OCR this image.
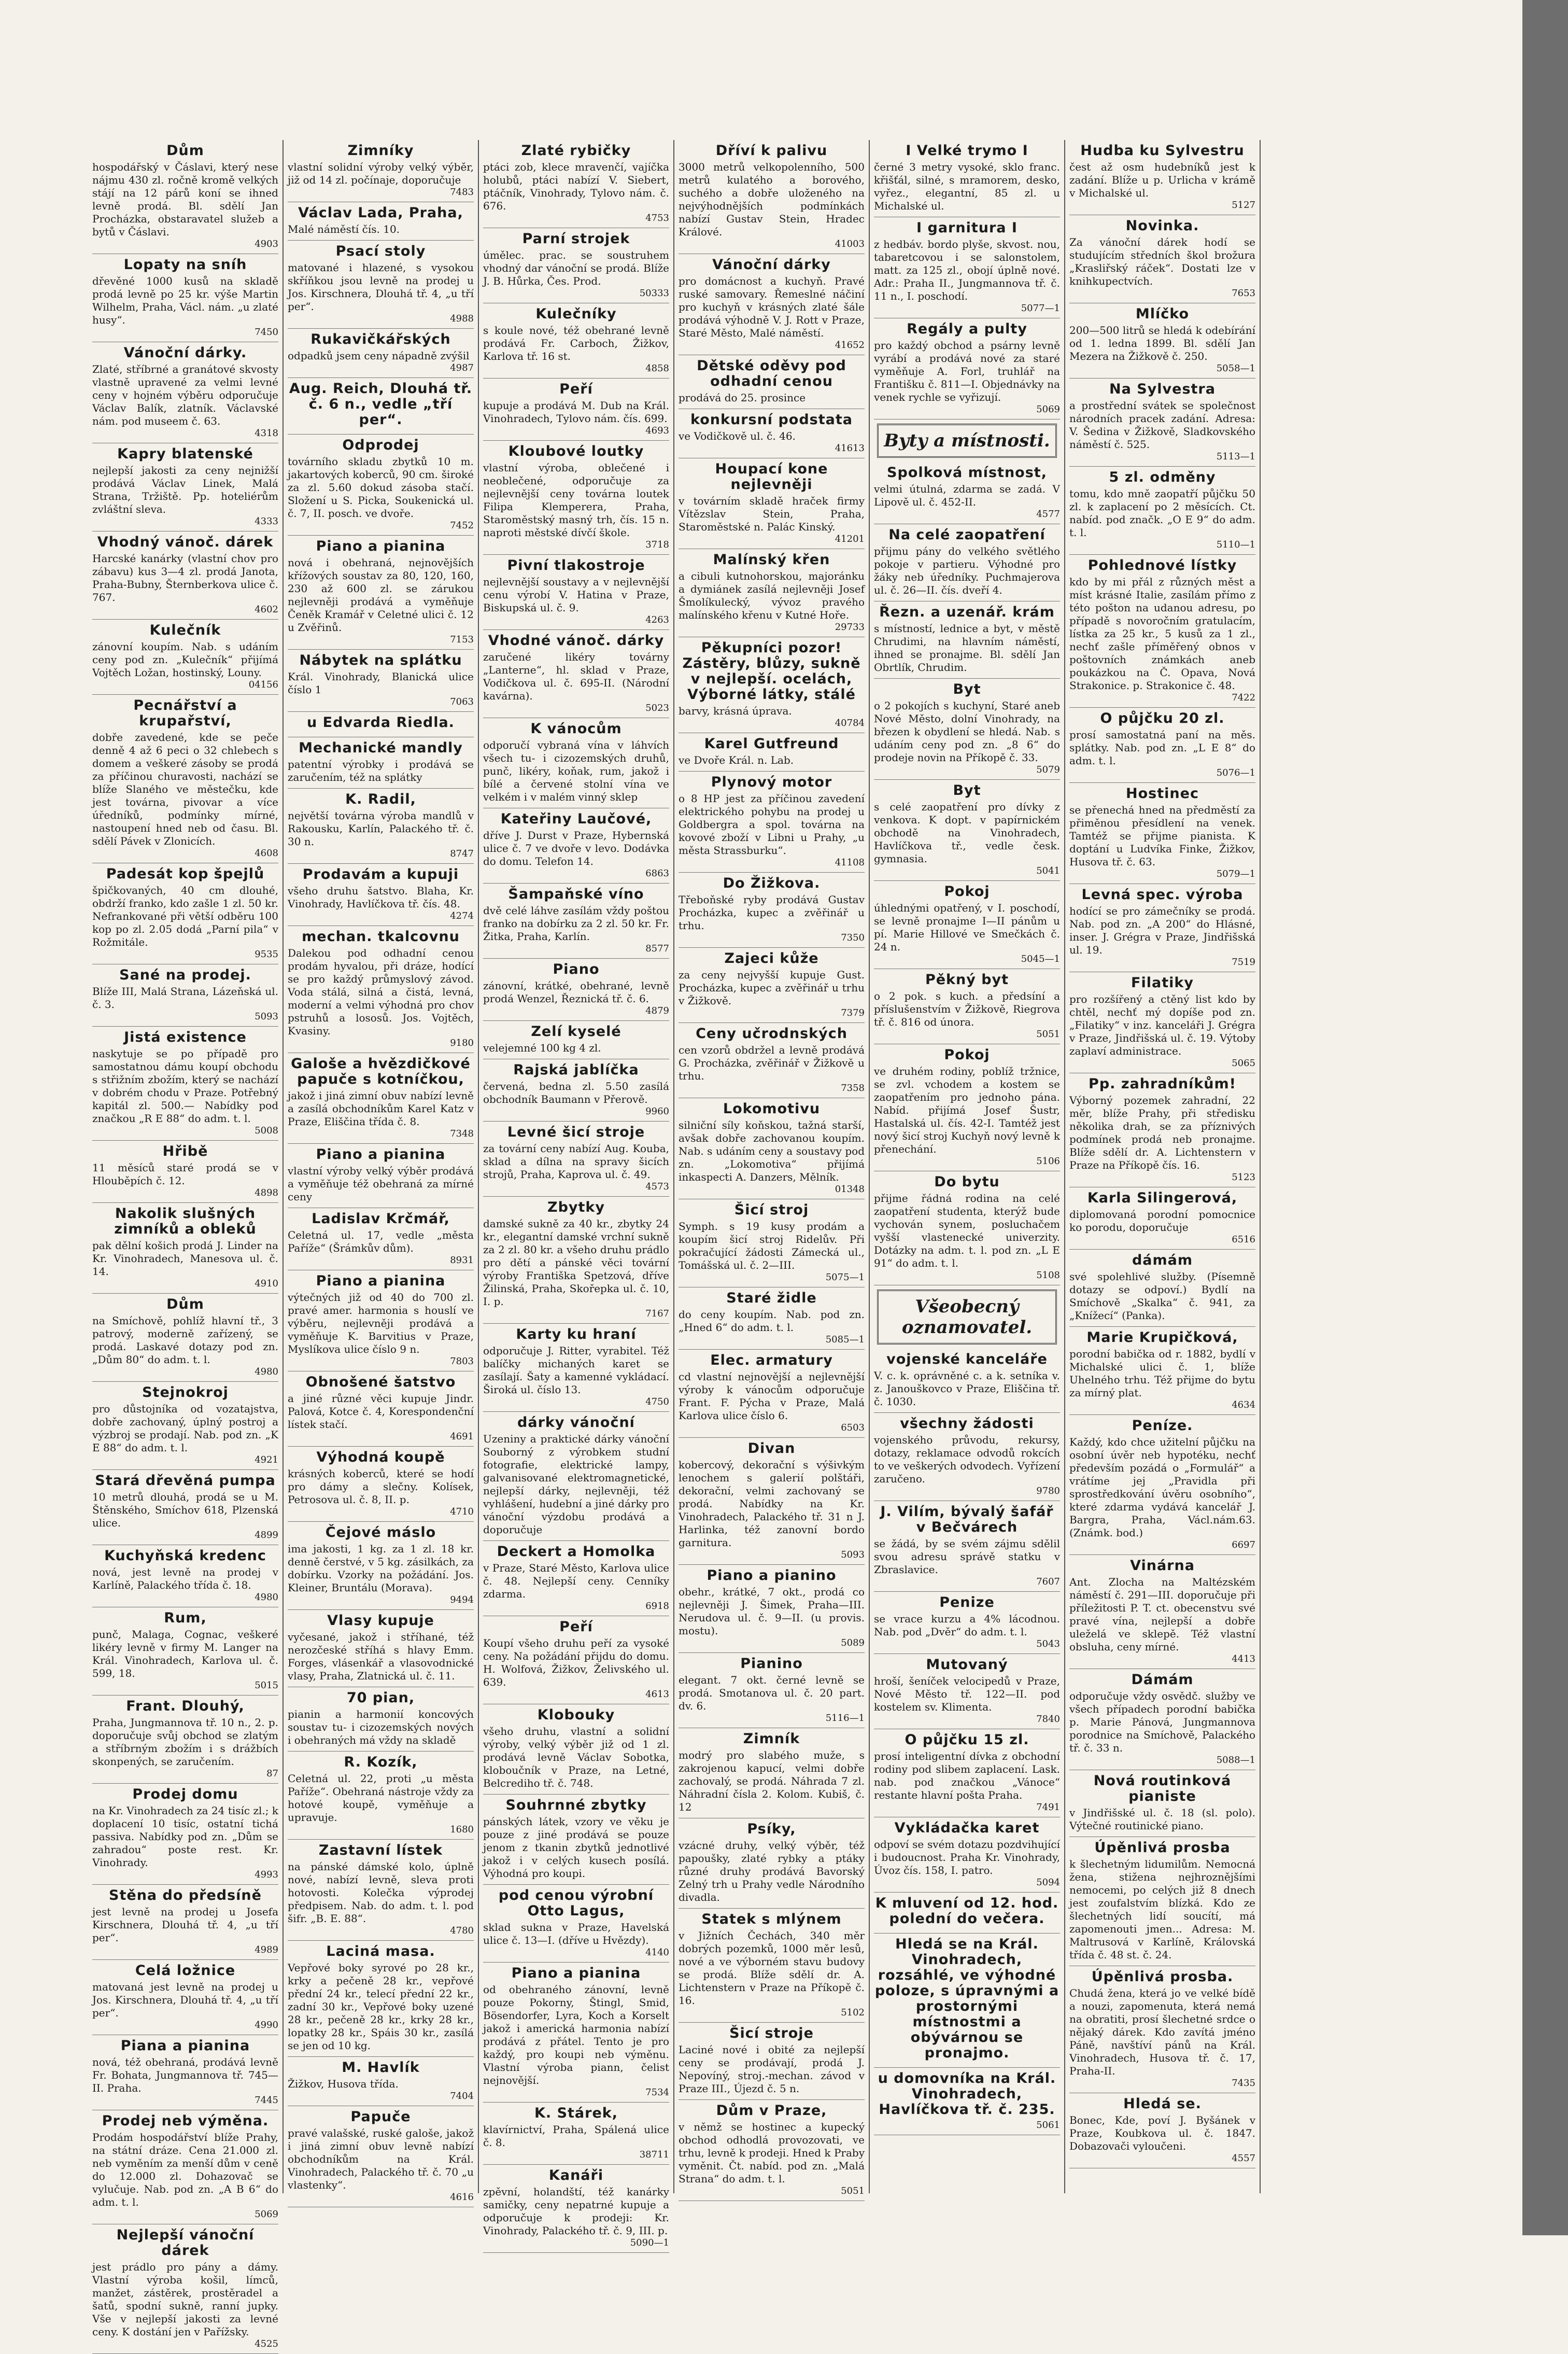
Dům

hospodářský v Čáslavi, který nese nájmu 430 zl. ročně kromě velkých stájí na 12 párů koní se ihned levně prodá. Bl. sdělí Jan Procházka, obstaravatel služeb a bytů v Čáslavi.

4903
Lopaty na sníh

dřevěné 1000 kusů na skladě prodá levně po 25 kr. výše Martin Wilhelm, Praha, Václ. nám. „u zlaté husy“.

7450
Vánoční dárky.

Zlaté, stříbrné a granátové skvosty vlastně upravené za velmi levné ceny v hojném výběru odporučuje Václav Balík, zlatník. Václavské nám. pod museem č. 63.

4318
Kapry blatenské

nejlepší jakosti za ceny nejnižší prodává Václav Linek, Malá Strana, Tržiště. Pp. hoteliérům zvláštní sleva.

4333
Vhodný vánoč. dárek

Harcské kanárky (vlastní chov pro zábavu) kus 3—4 zl. prodá Janota, Praha-Bubny, Šternberkova ulice č. 767.

4602
Kulečník

zánovní koupím. Nab. s udáním ceny pod zn. „Kulečník“ přijímá Vojtěch Ložan, hostinský, Louny.

04156
Pecnářství a krupařství,

dobře zavedené, kde se peče denně 4 až 6 peci o 32 chlebech s domem a veškeré zásoby se prodá za příčinou churavosti, nachází se blíže Slaného ve městečku, kde jest továrna, pivovar a více úředníků, podmínky mírné, nastoupení hned neb od času. Bl. sdělí Pávek v Zlonicích.

4608
Padesát kop špejlů

špičkovaných, 40 cm dlouhé, obdrží franko, kdo zašle 1 zl. 50 kr. Nefrankované při větší odběru 100 kop po zl. 2.05 dodá „Parní pila“ v Rožmitále.

9535
Sané na prodej.

Blíže III, Malá Strana, Lázeňská ul. č. 3.

5093
Jistá existence

naskytuje se po případě pro samostatnou dámu koupí obchodu s střižním zbožím, který se nachází v dobrém chodu v Praze. Potřebný kapitál zl. 500.— Nabídky pod značkou „R E 88“ do adm. t. l.

5008
Hřibě

11 měsíců staré prodá se v Hlouběpích č. 12.

4898
Nakolik slušných zimníků a obleků

pak dělní košich prodá J. Linder na Kr. Vinohradech, Manesova ul. č. 14.

4910
Dům

na Smíchově, pohlíž hlavní tř., 3 patrový, moderně zařízený, se prodá. Laskavé dotazy pod zn. „Dům 80“ do adm. t. l.

4980
Stejnokroj

pro důstojníka od vozatajstva, dobře zachovaný, úplný postroj a výzbroj se prodají. Nab. pod zn. „K E 88“ do adm. t. l.

4921
Stará dřevěná pumpa

10 metrů dlouhá, prodá se u M. Štěnského, Smíchov 618, Plzenská ulice.

4899
Kuchyňská kredenc

nová, jest levně na prodej v Karlíně, Palackého třída č. 18.

4980
Rum,

punč, Malaga, Cognac, veškeré likéry levně v firmy M. Langer na Král. Vinohradech, Karlova ul. č. 599, 18.

5015
Frant. Dlouhý,

Praha, Jungmannova tř. 10 n., 2. p. doporučuje svůj obchod se zlatým a stříbrným zbožím i s drážbích skonpených, se zaručením.

87
Prodej domu

na Kr. Vinohradech za 24 tisíc zl.; k doplacení 10 tisíc, ostatní tichá passiva. Nabídky pod zn. „Dům se zahradou“ poste rest. Kr. Vinohrady.

4993
Stěna do předsíně

jest levně na prodej u Josefa Kirschnera, Dlouhá tř. 4, „u tří per“.

4989
Celá ložnice

matovaná jest levně na prodej u Jos. Kirschnera, Dlouhá tř. 4, „u tří per“.

4990
Piana a pianina

nová, též obehraná, prodává levně Fr. Bohata, Jungmannova tř. 745—II. Praha.

7445
Prodej neb výměna.

Prodám hospodářství blíže Prahy, na státní dráze. Cena 21.000 zl. neb vyměním za menší dům v ceně do 12.000 zl. Dohazovač se vylučuje. Nab. pod zn. „A B 6“ do adm. t. l.

5069
Nejlepší vánoční dárek

jest prádlo pro pány a dámy. Vlastní výroba košil, límců, manžet, zástěrek, prostěradel a šatů, spodní sukně, ranní jupky. Vše v nejlepší jakosti za levné ceny. K dostání jen v Pařížsky.

4525
Zimníky

vlastní solidní výroby velký výběr, již od 14 zl. počínaje, doporučuje

7483
Václav Lada, Praha,

Malé náměstí čís. 10.

Psací stoly

matované i hlazené, s vysokou skříňkou jsou levně na prodej u Jos. Kirschnera, Dlouhá tř. 4, „u tří per“.

4988
Rukavičkářských

odpadků jsem ceny nápadně zvýšil

4987
Aug. Reich, Dlouhá tř. č. 6 n., vedle „tří per“.
Odprodej

továrního skladu zbytků 10 m. jakartových koberců, 90 cm. široké za zl. 5.60 dokud zásoba stačí. Složení u S. Picka, Soukenická ul. č. 7, II. posch. ve dvoře.

7452
Piano a pianina

nová i obehraná, nejnovějších křížových soustav za 80, 120, 160, 230 až 600 zl. se zárukou nejlevněji prodává a vyměňuje Čeněk Kramář v Celetné ulici č. 12 u Zvěřinů.

7153
Nábytek na splátku

Král. Vinohrady, Blanická ulice číslo 1

7063
u Edvarda Riedla.
Mechanické mandly

patentní výrobky i prodává se zaručením, též na splátky

K. Radil,

největší továrna výroba mandlů v Rakousku, Karlín, Palackého tř. č. 30 n.

8747
Prodavám a kupuji

všeho druhu šatstvo. Blaha, Kr. Vinohrady, Havlíčkova tř. čís. 48.

4274
mechan. tkalcovnu

Dalekou pod odhadní cenou prodám hyvalou, při dráze, hodící se pro každý průmyslový závod. Voda stálá, silná a čistá, levná, moderní a velmi výhodná pro chov pstruhů a lososů. Jos. Vojtěch, Kvasiny.

9180
Galoše a hvězdičkové papuče s kotníčkou,

jakož i jiná zimní obuv nabízí levně a zasílá obchodníkům Karel Katz v Praze, Eliščina třída č. 8.

7348
Piano a pianina

vlastní výroby velký výběr prodává a vyměňuje též obehraná za mírné ceny

Ladislav Krčmář,

Celetná ul. 17, vedle „města Paříže“ (Šrámkův dům).

8931
Piano a pianina

výtečných již od 40 do 700 zl. pravé amer. harmonia s houslí ve výběru, nejlevněji prodává a vyměňuje K. Barvitius v Praze, Myslíkova ulice číslo 9 n.

7803
Obnošené šatstvo

a jiné různé věci kupuje Jindr. Palová, Kotce č. 4, Korespondenční lístek stačí.

4691
Výhodná koupě

krásných koberců, které se hodí pro dámy a slečny. Kolísek, Petrosova ul. č. 8, II. p.

4710
Čejové máslo

ima jakosti, 1 kg. za 1 zl. 18 kr. denně čerstvé, v 5 kg. zásilkách, za dobírku. Vzorky na požádání. Jos. Kleiner, Bruntálu (Morava).

9494
Vlasy kupuje

vyčesané, jakož i stříhané, též nerozčeské stříhá s hlavy Emm. Forges, vlásenkář a vlasovodnické vlasy, Praha, Zlatnická ul. č. 11.

70 pian,

pianin a harmonií koncových soustav tu- i cizozemských nových i obehraných má vždy na skladě

R. Kozík,

Celetná ul. 22, proti „u města Paříže“. Obehraná nástroje vždy za hotové koupě, vyměňuje a upravuje.

1680
Zastavní lístek

na pánské dámské kolo, úplně nové, nabízí levně, sleva proti hotovosti. Kolečka výprodej předpisem. Nab. do adm. t. l. pod šifr. „B. E. 88“.

4780
Laciná masa.

Vepřové boky syrové po 28 kr., krky a pečeně 28 kr., vepřové přední 24 kr., telecí přední 22 kr., zadní 30 kr., Vepřové boky uzené 28 kr., pečeně 28 kr., krky 28 kr., lopatky 28 kr., Spáis 30 kr., zasílá se jen od 10 kg.

M. Havlík

Žižkov, Husova třída.

7404
Papuče

pravé valašské, ruské galoše, jakož i jiná zimní obuv levně nabízí obchodníkům na Král. Vinohradech, Palackého tř. č. 70 „u vlastenky“.

4616
Zlaté rybičky

ptáci zob, klece mravenčí, vajíčka holubů, ptáci nabízí V. Siebert, ptáčník, Vinohrady, Tylovo nám. č. 676.

4753
Parní strojek

úmělec. prac. se soustruhem vhodný dar vánoční se prodá. Blíže J. B. Hůrka, Čes. Prod.

50333
Kulečníky

s koule nové, též obehrané levně prodává Fr. Carboch, Žižkov, Karlova tř. 16 st.

4858
Peří

kupuje a prodává M. Dub na Král. Vinohradech, Tylovo nám. čís. 699.

4693
Kloubové loutky

vlastní výroba, oblečené i neoblečené, odporučuje za nejlevnější ceny továrna loutek Filipa Klemperera, Praha, Staroměstský masný trh, čís. 15 n. naproti městské dívčí škole.

3718
Pivní tlakostroje

nejlevnější soustavy a v nejlevnější cenu výrobí V. Hatina v Praze, Biskupská ul. č. 9.

4263
Vhodné vánoč. dárky

zaručené likéry továrny „Lanterne“, hl. sklad v Praze, Vodičkova ul. č. 695-II. (Národní kavárna).

5023
K vánocům

odporučí vybraná vína v láhvích všech tu- i cizozemských druhů, punč, likéry, koňak, rum, jakož i bílé a červené stolní vína ve velkém i v malém vinný sklep

Kateřiny Laučové,

dříve J. Durst v Praze, Hybernská ulice č. 7 ve dvoře v levo. Dodávka do domu. Telefon 14.

6863
Šampaňské víno

dvě celé láhve zasílám vždy poštou franko na dobírku za 2 zl. 50 kr. Fr. Žitka, Praha, Karlín.

8577
Piano

zánovní, krátké, obehrané, levně prodá Wenzel, Řeznická tř. č. 6.

4879
Zelí kyselé

velejemné 100 kg 4 zl.

Rajská jablíčka

červená, bedna zl. 5.50 zasílá obchodník Baumann v Přerově.

9960
Levné šicí stroje

za tovární ceny nabízí Aug. Kouba, sklad a dílna na spravy šicích strojů, Praha, Kaprova ul. č. 49.

4573
Zbytky

damské sukně za 40 kr., zbytky 24 kr., elegantní damské vrchní sukně za 2 zl. 80 kr. a všeho druhu prádlo pro dětí a pánské věci tovární výroby Františka Spetzová, dříve Žilinská, Praha, Skořepka ul. č. 10, I. p.

7167
Karty ku hraní

odporučuje J. Ritter, vyrabitel. Též balíčky michaných karet se zasílají. Šaty a kamenné vykládací. Široká ul. číslo 13.

4750
dárky vánoční

Uzeniny a praktické dárky vánoční Souborný z výrobkem studní fotografie, elektrické lampy, galvanisované elektromagnetické, nejlepší dárky, nejlevněji, též vyhlášení, hudební a jiné dárky pro vánoční výzdobu prodává a doporučuje

Deckert a Homolka

v Praze, Staré Město, Karlova ulice č. 48. Nejlepší ceny. Cenníky zdarma.

6918
Peří

Koupí všeho druhu peří za vysoké ceny. Na požádání přijdu do domu. H. Wolfová, Žižkov, Želivského ul. 639.

4613
Klobouky

všeho druhu, vlastní a solidní výroby, velký výběr již od 1 zl. prodává levně Václav Sobotka, kloboučník v Praze, na Letné, Belcrediho tř. č. 748.

Souhrnné zbytky

pánských látek, vzory ve věku je pouze z jiné prodává se pouze jenom z tkanin zbytků jednotlivé jakož i v celých kusech posílá. Výhodná pro koupi.

pod cenou výrobní Otto Lagus,

sklad sukna v Praze, Havelská ulice č. 13—I. (dříve u Hvězdy).

4140
Piano a pianina

od obehraného zánovní, levně pouze Pokorny, Štingl, Smid, Bösendorfer, Lyra, Koch a Korselt jakož i americká harmonia nabízí prodává z přátel. Tento je pro každý, pro koupi neb výměnu. Vlastní výroba piann, čelist nejnovější.

7534
K. Stárek,

klavírnictví, Praha, Spálená ulice č. 8.

38711
Kanáři

zpěvní, holandští, též kanárky samičky, ceny nepatrné kupuje a odporučuje k prodeji: Kr. Vinohrady, Palackého tř. č. 9, III. p.

5090—1
Dříví k palivu

3000 metrů velkopolenního, 500 metrů kulatého a borového, suchého a dobře uloženého na nejvýhodnějších podmínkách nabízí Gustav Stein, Hradec Králové.

41003
Vánoční dárky

pro domácnost a kuchyň. Pravé ruské samovary. Řemeslné náčiní pro kuchyň v krásných zlaté šále prodává výhodně V. J. Rott v Praze, Staré Město, Malé náměstí.

41652
Dětské oděvy pod odhadní cenou

prodává do 25. prosince

konkursní podstata

ve Vodičkově ul. č. 46.

41613
Houpací kone nejlevněji

v továrním skladě hraček firmy Vítězslav Stein, Praha, Staroměstské n. Palác Kinský.

41201
Malínský křen

a cibuli kutnohorskou, majoránku a dymiánek zasílá nejlevněji Josef Šmolíkulecký, vývoz pravého malínského křenu v Kutné Hoře.

29733
Pěkupníci pozor! Zástěry, blůzy, sukně v nejlepší. ocelách, Výborné látky, stálé

barvy, krásná úprava.

40784
Karel Gutfreund

ve Dvoře Král. n. Lab.

Plynový motor

o 8 HP jest za příčinou zavedení elektrického pohybu na prodej u Goldbergra a spol. továrna na kovové zboží v Libni u Prahy, „u města Strassburku“.

41108
Do Žižkova.

Třeboňské ryby prodává Gustav Procházka, kupec a zvěřinář u trhu.

7350
Zajeci kůže

za ceny nejvyšší kupuje Gust. Procházka, kupec a zvěřinář u trhu v Žižkově.

7379
Ceny učrodnských

cen vzorů obdržel a levně prodává G. Procházka, zvěřinář v Žižkově u trhu.

7358
Lokomotivu

silniční síly koňskou, tažná starší, avšak dobře zachovanou koupím. Nab. s udáním ceny a soustavy pod zn. „Lokomotiva“ přijímá inkaspecti A. Danzers, Mělník.

01348
Šicí stroj

Symph. s 19 kusy prodám a koupím šicí stroj Ridelův. Při pokračující žádosti Zámecká ul., Tomášská ul. č. 2—III.

5075—1
Staré židle

do ceny koupím. Nab. pod zn. „Hned 6“ do adm. t. l.

5085—1
Elec. armatury

cd vlastní nejnovější a nejlevnější výroby k vánocům odporučuje Frant. F. Pýcha v Praze, Malá Karlova ulice číslo 6.

6503
Divan

kobercový, dekorační s výšivkým lenochem s galerií polštáři, dekorační, velmi zachovaný se prodá. Nabídky na Kr. Vinohradech, Palackého tř. 31 n J. Harlinka, též zanovní bordo garnitura.

5093
Piano a pianino

obehr., krátké, 7 okt., prodá co nejlevněji J. Šimek, Praha—III. Nerudova ul. č. 9—II. (u provis. mostu).

5089
Pianino

elegant. 7 okt. černé levně se prodá. Smotanova ul. č. 20 part. dv. 6.

5116—1
Zimník

modrý pro slabého muže, s zakrojenou kapucí, velmi dobře zachovalý, se prodá. Náhrada 7 zl. Náhradní čísla 2. Kolom. Kubiš, č. 12

Psíky,

vzácné druhy, velký výběr, též papoušky, zlaté rybky a ptáky různé druhy prodává Bavorský Zelný trh u Prahy vedle Národního divadla.

Statek s mlýnem

v Jižních Čechách, 340 měr dobrých pozemků, 1000 měr lesů, nové a ve výborném stavu budovy se prodá. Blíže sdělí dr. A. Lichtenstern v Praze na Příkopě č. 16.

5102
Šicí stroje

Laciné nové i obité za nejlepší ceny se prodávají, prodá J. Nepovíný, stroj.-mechan. závod v Praze III., Újezd č. 5 n.

Dům v Praze,

v němž se hostinec a kupecký obchod odhodlá provozovati, ve trhu, levně k prodeji. Hned k Praby vyměnit. Čt. nabíd. pod zn. „Malá Strana“ do adm. t. l.

5051
I Velké trymo I

černé 3 metry vysoké, sklo franc. křišťál, silné, s mramorem, desko, vyřez., elegantní, 85 zl. u Michalské ul.

I garnitura I

z hedbáv. bordo plyše, skvost. nou, tabaretcovou i se salonstolem, matt. za 125 zl., obojí úplně nové. Adr.: Praha II., Jungmannova tř. č. 11 n., I. poschodí.

5077—1
Regály a pulty

pro každý obchod a psárny levně vyrábí a prodává nové za staré vyměňuje A. Forl, truhlář na Františku č. 811—I. Objednávky na venek rychle se vyřizují.

5069
Byty a místnosti.
Spolková místnost,

velmi útulná, zdarma se zadá. V Lipově ul. č. 452-II.

4577
Na celé zaopatření

přijmu pány do velkého světlého pokoje v partieru. Výhodné pro žáky neb úředníky. Puchmajerova ul. č. 26—II. čís. dveří 4.

Řezn. a uzenář. krám

s místností, lednice a byt, v městě Chrudimi, na hlavním náměstí, ihned se pronajme. Bl. sdělí Jan Obrtlík, Chrudim.

Byt

o 2 pokojích s kuchyní, Staré aneb Nové Město, dolní Vinohrady, na březen k obydlení se hledá. Nab. s udáním ceny pod zn. „8 6“ do prodeje novin na Příkopě č. 33.

5079
Byt

s celé zaopatření pro dívky z venkova. K dopt. v papírnickém obchodě na Vinohradech, Havlíčkova tř., vedle česk. gymnasia.

5041
Pokoj

úhlednými opatřený, v I. poschodí, se levně pronajme I—II pánům u pí. Marie Hillové ve Smečkách č. 24 n.

5045—1
Pěkný byt

o 2 pok. s kuch. a předsíní a příslušenstvím v Žižkově, Riegrova tř. č. 816 od února.

5051
Pokoj

ve druhém rodiny, poblíž tržnice, se zvl. vchodem a kostem se zaopatřením pro jednoho pána. Nabíd. přijímá Josef Šustr, Hastalská ul. čís. 42-I. Tamtéž jest nový šicí stroj Kuchyň nový levně k přenechání.

5106
Do bytu

přijme řádná rodina na celé zaopatření studenta, kterýž bude vychován synem, posluchačem vyšší vlastenecké univerzity. Dotázky na adm. t. l. pod zn. „L E 91“ do adm. t. l.

5108
Všeobecný oznamovatel.
vojenské kanceláře

V. c. k. oprávněné c. a k. setníka v. z. Janouškovco v Praze, Eliščina tř. č. 1030.

všechny žádosti

vojenského průvodu, rekursy, dotazy, reklamace odvodů rokcích to ve veškerých odvodech. Vyřízení zaručeno.

9780
J. Vilím, bývalý šafář v Bečvárech

se žádá, by se svém zájmu sdělil svou adresu správě statku v Zbraslavice.

7607
Penize

se vrace kurzu a 4% lácodnou. Nab. pod „Dvěr“ do adm. t. l.

5043
Mutovaný

hroší, šeníček velocipedů v Praze, Nové Město tř. 122—II. pod kostelem sv. Klimenta.

7840
O půjčku 15 zl.

prosí inteligentní dívka z obchodní rodiny pod slibem zaplacení. Lask. nab. pod značkou „Vánoce“ restante hlavní pošta Praha.

7491
Vykládačka karet

odpoví se svém dotazu pozdvihující i budoucnost. Praha Kr. Vinohrady, Úvoz čís. 158, I. patro.

5094
K mluvení od 12. hod. polední do večera.
Hledá se na Král. Vinohradech, rozsáhlé, ve výhodné poloze, s úpravnými a prostornými místnostmi a obývárnou se pronajmo.
u domovníka na Král. Vinohradech, Havlíčkova tř. č. 235.
5061
Hudba ku Sylvestru

čest až osm hudebníků jest k zadání. Blíže u p. Urlicha v krámě v Michalské ul.

5127
Novinka.

Za vánoční dárek hodí se studujícím středních škol brožura „Krasliřský ráček“. Dostati lze v knihkupectvích.

7653
Mlíčko

200—500 litrů se hledá k odebírání od 1. ledna 1899. Bl. sdělí Jan Mezera na Žižkově č. 250.

5058—1
Na Sylvestra

a prostřední svátek se společnost národních pracek zadání. Adresa: V. Šedina v Žižkově, Sladkovského náměstí č. 525.

5113—1
5 zl. odměny

tomu, kdo mně zaopatří půjčku 50 zl. k zaplacení po 2 měsících. Ct. nabíd. pod značk. „O E 9“ do adm. t. l.

5110—1
Pohlednové lístky

kdo by mi přál z různých měst a míst krásné Italie, zasílám přímo z této pošton na udanou adresu, po případě s novoročním gratulacím, lístka za 25 kr., 5 kusů za 1 zl., nechť zašle příměřený obnos v poštovních známkách aneb poukázkou na Č. Opava, Nová Strakonice. p. Strakonice č. 48.

7422
O půjčku 20 zl.

prosí samostatná paní na měs. splátky. Nab. pod zn. „L E 8“ do adm. t. l.

5076—1
Hostinec

se přenechá hned na předměstí za přiměnou přesídlení na venek. Tamtéž se přijme pianista. K doptání u Ludvíka Finke, Žižkov, Husova tř. č. 63.

5079—1
Levná spec. výroba

hodící se pro zámečníky se prodá. Nab. pod zn. „A 200“ do Hlásné, inser. J. Grégra v Praze, Jindřišská ul. 19.

7519
Filatiky

pro rozšířený a ctěný list kdo by chtěl, nechť mý dopíše pod zn. „Filatiky“ v inz. kanceláři J. Grégra v Praze, Jindřišská ul. č. 19. Výtoby zaplaví administrace.

5065
Pp. zahradníkům!

Výborný pozemek zahradní, 22 měr, blíže Prahy, při středisku několika drah, se za příznivých podmínek prodá neb pronajme. Blíže sdělí dr. A. Lichtenstern v Praze na Příkopě čís. 16.

5123
Karla Silingerová,

diplomovaná porodní pomocnice ko porodu, doporučuje

6516
dámám

své spolehlivé služby. (Písemně dotazy se odpoví.) Bydlí na Smíchově „Skalka“ č. 941, za „Knížecí“ (Panka).

Marie Krupičková,

porodní babička od r. 1882, bydlí v Michalské ulici č. 1, blíže Uhelného trhu. Též přijme do bytu za mírný plat.

4634
Peníze.

Každý, kdo chce užitelní půjčku na osobní úvěr neb hypotéku, nechť především pozádá o „Formulář“ a vrátíme jej „Pravidla při sprostředkování úvěru osobního“, které zdarma vydává kancelář J. Bargra, Praha, Václ.nám.63. (Známk. bod.)

6697
Vinárna

Ant. Zlochа na Maltézském náměstí č. 291—III. doporučuje při příležitosti P. T. ct. obecenstvu své pravé vína, nejlepší a dobře uleželá ve sklepě. Též vlastní obsluha, ceny mírné.

4413
Dámám

odporučuje vždy osvědč. služby ve všech případech porodní babička p. Marie Pánová, Jungmannova porodnice na Smíchově, Palackého tř. č. 33 n.

5088—1
Nová routinková pianiste

v Jindřišské ul. č. 18 (sl. polo). Výtečné routinické piano.

Úpěnlivá prosba

k šlechetným lidumilům. Nemocná žena, stižena nejhroznějšími nemocemi, po celých již 8 dnech jest zoufalstvím blízká. Kdo ze šlechetných lidí soucítí, má zapomenouti jmen... Adresa: M. Maltrusová v Karlíně, Královská třída č. 48 st. č. 24.

Úpěnlivá prosba.

Chudá žena, která jo ve velké bídě a nouzi, zapomenuta, která nemá na obratiti, prosí šlechetné srdce o nějaký dárek. Kdo zavítá jméno Páně, navštíví pánů na Král. Vinohradech, Husova tř. č. 17, Praha-II.

7435
Hledá se.

Bonec, Kde, poví J. Byšánek v Praze, Koubkova ul. č. 1847. Dobazovači vyloučeni.

4557
